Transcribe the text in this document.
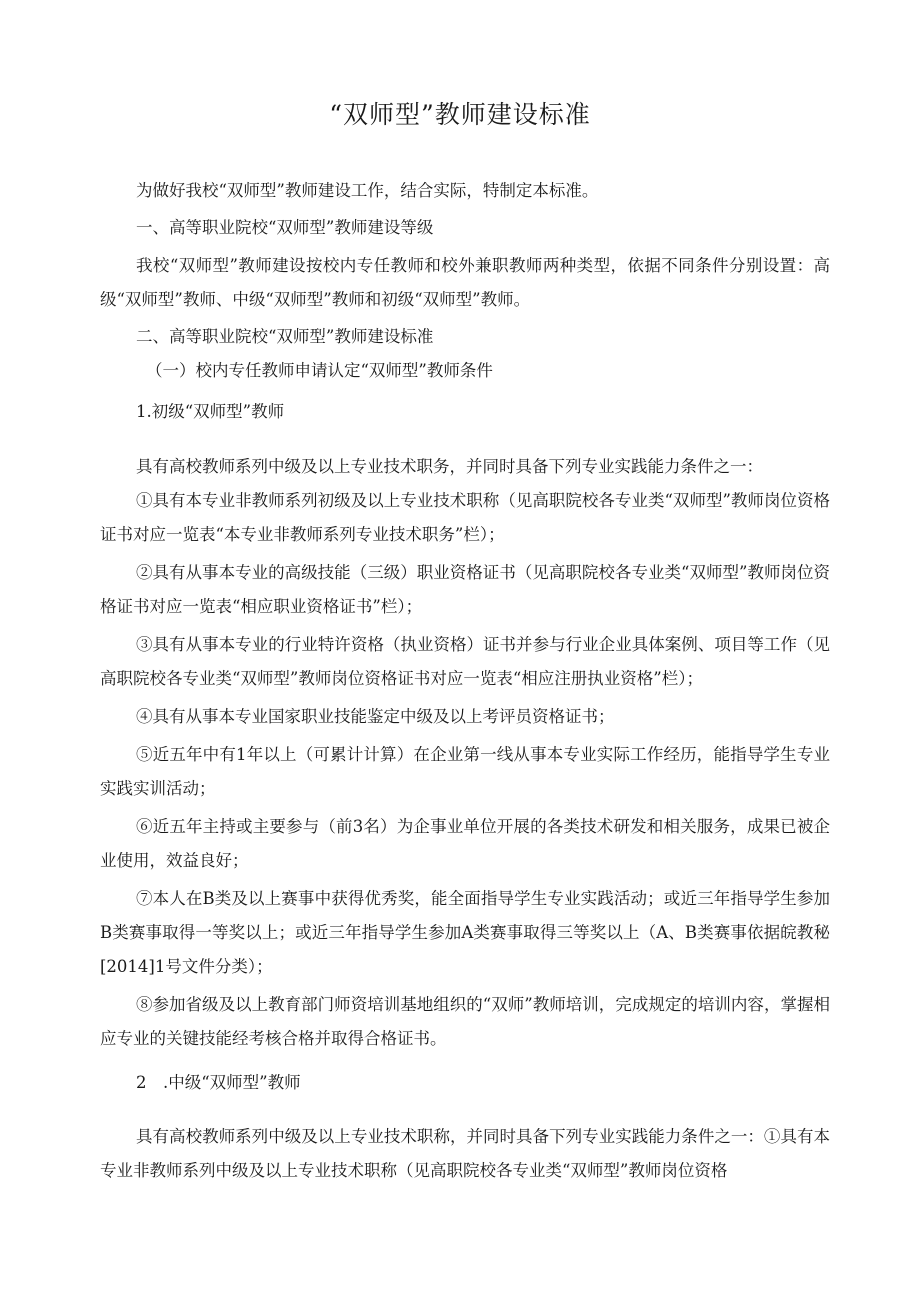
“双师型”教师建设标准
为做好我校“双师型”教师建设工作，结合实际，特制定本标准。
一、高等职业院校“双师型”教师建设等级
我校“双师型”教师建设按校内专任教师和校外兼职教师两种类型，依据不同条件分别设置：高级“双师型”教师、中级“双师型”教师和初级“双师型”教师。
二、高等职业院校“双师型”教师建设标准
（一）校内专任教师申请认定“双师型”教师条件
1.初级“双师型”教师
具有高校教师系列中级及以上专业技术职务，并同时具备下列专业实践能力条件之一：
①具有本专业非教师系列初级及以上专业技术职称（见高职院校各专业类“双师型”教师岗位资格证书对应一览表“本专业非教师系列专业技术职务”栏）；
②具有从事本专业的高级技能（三级）职业资格证书（见高职院校各专业类“双师型”教师岗位资格证书对应一览表“相应职业资格证书”栏）；
③具有从事本专业的行业特许资格（执业资格）证书并参与行业企业具体案例、项目等工作（见高职院校各专业类“双师型”教师岗位资格证书对应一览表“相应注册执业资格”栏）；
④具有从事本专业国家职业技能鉴定中级及以上考评员资格证书；
⑤近五年中有1年以上（可累计计算）在企业第一线从事本专业实际工作经历，能指导学生专业实践实训活动；
⑥近五年主持或主要参与（前3名）为企事业单位开展的各类技术研发和相关服务，成果已被企业使用，效益良好；
⑦本人在B类及以上赛事中获得优秀奖，能全面指导学生专业实践活动；或近三年指导学生参加B类赛事取得一等奖以上；或近三年指导学生参加A类赛事取得三等奖以上（A、B类赛事依据皖教秘[2014]1号文件分类）；
⑧参加省级及以上教育部门师资培训基地组织的“双师”教师培训，完成规定的培训内容，掌握相应专业的关键技能经考核合格并取得合格证书。
2　.中级“双师型”教师
具有高校教师系列中级及以上专业技术职称，并同时具备下列专业实践能力条件之一：①具有本专业非教师系列中级及以上专业技术职称（见高职院校各专业类“双师型”教师岗位资格
